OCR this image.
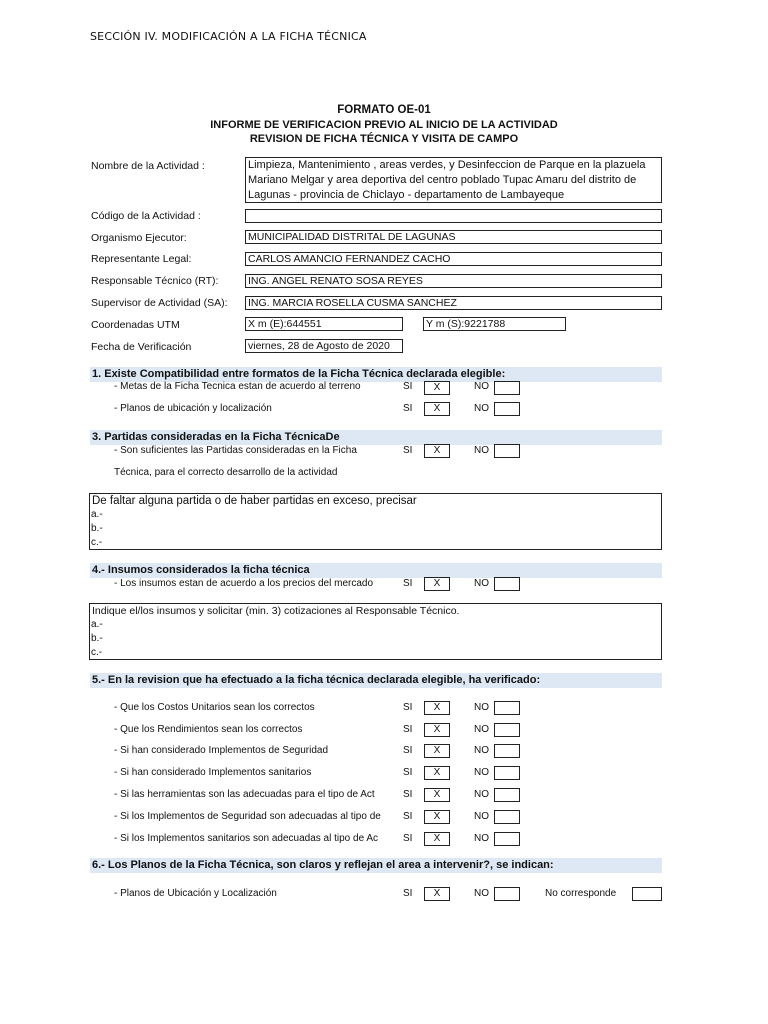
SECCIÓN IV. MODIFICACIÓN A LA FICHA TÉCNICA
FORMATO OE-01
INFORME DE VERIFICACION PREVIO AL INICIO DE LA ACTIVIDAD
REVISION DE FICHA TÉCNICA Y VISITA DE CAMPO
Nombre de la Actividad :	Limpieza, Mantenimiento , areas verdes, y Desinfeccion de Parque en la plazuela Mariano Melgar y area deportiva del centro poblado Tupac Amaru del distrito de Lagunas - provincia de Chiclayo - departamento de Lambayeque
Código de la Actividad :
Organismo Ejecutor:	MUNICIPALIDAD DISTRITAL DE LAGUNAS
Representante Legal:	CARLOS AMANCIO FERNANDEZ CACHO
Responsable Técnico (RT):	ING. ANGEL RENATO SOSA REYES
Supervisor de Actividad (SA): ING. MARCIA ROSELLA CUSMA SANCHEZ
Coordenadas UTM	X m (E):644551	Y m (S):9221788
Fecha de Verificación	viernes, 28 de Agosto de 2020
1. Existe Compatibilidad entre formatos de la Ficha Técnica declarada elegible:
- Metas de la Ficha Tecnica estan de acuerdo al terreno	SI	X	NO
- Planos de ubicación y localización	SI	X	NO
3. Partidas consideradas en la Ficha TécnicaDe
- Son suficientes las Partidas consideradas en la Ficha	SI	X	NO
Técnica, para el correcto desarrollo de la actividad
De faltar alguna partida o de haber partidas en exceso, precisar
a.-
b.-
c.-
4.- Insumos considerados la ficha técnica
- Los insumos estan de acuerdo a los precios del mercado	SI	X	NO
Indique el/los insumos y solicitar (min. 3) cotizaciones al Responsable Técnico.
a.-
b.-
c.-
5.- En la revision que ha efectuado a la ficha técnica declarada elegible, ha verificado:
- Que los Costos Unitarios sean los correctos	SI	X	NO
- Que los Rendimientos sean los correctos	SI	X	NO
- Si han considerado Implementos de Seguridad	SI	X	NO
- Si han considerado Implementos sanitarios	SI	X	NO
- Si las herramientas son las adecuadas para el tipo de Act	SI	X	NO
- Si los Implementos de Seguridad son adecuadas al tipo de SI	X	NO
- Si los Implementos sanitarios son adecuadas al tipo de Ac SI	X	NO
6.- Los Planos de la Ficha Técnica, son claros y reflejan el area a intervenir?, se indican:
- Planos de Ubicación y Localización	SI	X	NO	No corresponde
